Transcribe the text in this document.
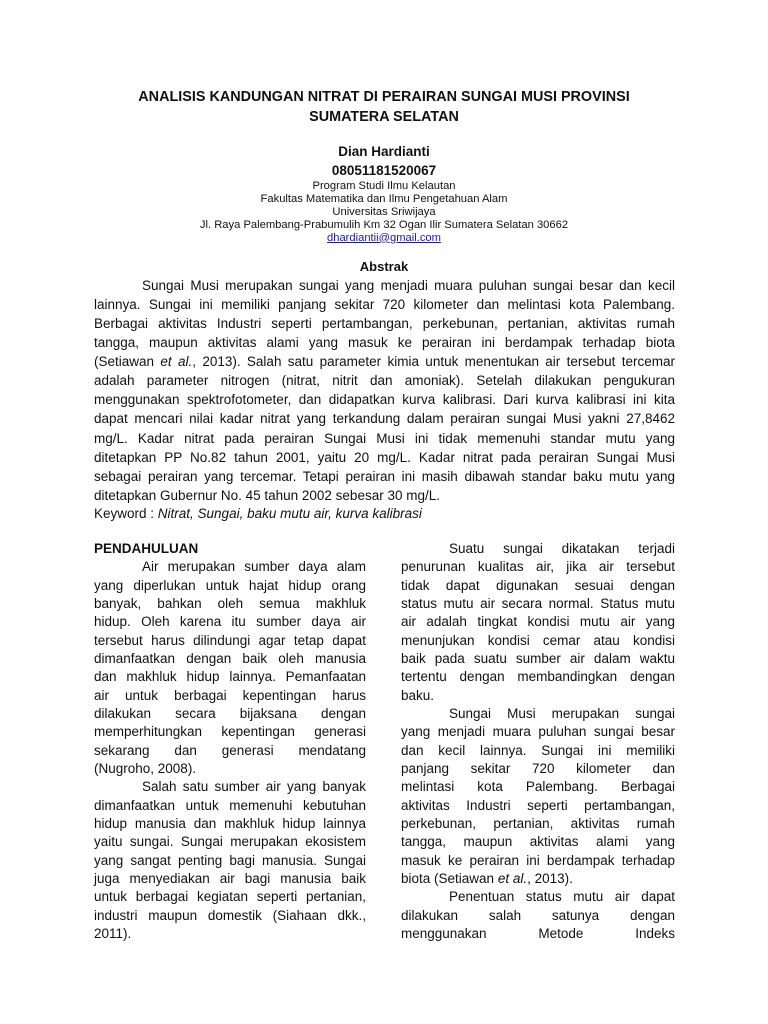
ANALISIS KANDUNGAN NITRAT DI PERAIRAN SUNGAI MUSI PROVINSI
SUMATERA SELATAN
Dian Hardianti
08051181520067
Program Studi Ilmu Kelautan
Fakultas Matematika dan Ilmu Pengetahuan Alam
Universitas Sriwijaya
Jl. Raya Palembang-Prabumulih Km 32 Ogan Ilir Sumatera Selatan 30662
dhardiantii@gmail.com
Abstrak
Sungai Musi merupakan sungai yang menjadi muara puluhan sungai besar dan kecil
lainnya. Sungai ini memiliki panjang sekitar 720 kilometer dan melintasi kota Palembang.
Berbagai aktivitas Industri seperti pertambangan, perkebunan, pertanian, aktivitas rumah
tangga, maupun aktivitas alami yang masuk ke perairan ini berdampak terhadap biota
(Setiawan et al., 2013). Salah satu parameter kimia untuk menentukan air tersebut tercemar
adalah parameter nitrogen (nitrat, nitrit dan amoniak). Setelah dilakukan pengukuran
menggunakan spektrofotometer, dan didapatkan kurva kalibrasi. Dari kurva kalibrasi ini kita
dapat mencari nilai kadar nitrat yang terkandung dalam perairan sungai Musi yakni 27,8462
mg/L. Kadar nitrat pada perairan Sungai Musi ini tidak memenuhi standar mutu yang
ditetapkan PP No.82 tahun 2001, yaitu 20 mg/L. Kadar nitrat pada perairan Sungai Musi
sebagai perairan yang tercemar. Tetapi perairan ini masih dibawah standar baku mutu yang
ditetapkan Gubernur No. 45 tahun 2002 sebesar 30 mg/L.
Keyword : Nitrat, Sungai, baku mutu air, kurva kalibrasi
PENDAHULUAN
Air merupakan sumber daya alam
yang diperlukan untuk hajat hidup orang
banyak, bahkan oleh semua makhluk
hidup. Oleh karena itu sumber daya air
tersebut harus dilindungi agar tetap dapat
dimanfaatkan dengan baik oleh manusia
dan makhluk hidup lainnya. Pemanfaatan
air untuk berbagai kepentingan harus
dilakukan secara bijaksana dengan
memperhitungkan kepentingan generasi
sekarang dan generasi mendatang
(Nugroho, 2008).
Salah satu sumber air yang banyak
dimanfaatkan untuk memenuhi kebutuhan
hidup manusia dan makhluk hidup lainnya
yaitu sungai. Sungai merupakan ekosistem
yang sangat penting bagi manusia. Sungai
juga menyediakan air bagi manusia baik
untuk berbagai kegiatan seperti pertanian,
industri maupun domestik (Siahaan dkk.,
2011).
Suatu sungai dikatakan terjadi
penurunan kualitas air, jika air tersebut
tidak dapat digunakan sesuai dengan
status mutu air secara normal. Status mutu
air adalah tingkat kondisi mutu air yang
menunjukan kondisi cemar atau kondisi
baik pada suatu sumber air dalam waktu
tertentu dengan membandingkan dengan
baku.
Sungai Musi merupakan sungai
yang menjadi muara puluhan sungai besar
dan kecil lainnya. Sungai ini memiliki
panjang sekitar 720 kilometer dan
melintasi kota Palembang. Berbagai
aktivitas Industri seperti pertambangan,
perkebunan, pertanian, aktivitas rumah
tangga, maupun aktivitas alami yang
masuk ke perairan ini berdampak terhadap
biota (Setiawan et al., 2013).
Penentuan status mutu air dapat
dilakukan salah satunya dengan
menggunakan Metode Indeks
